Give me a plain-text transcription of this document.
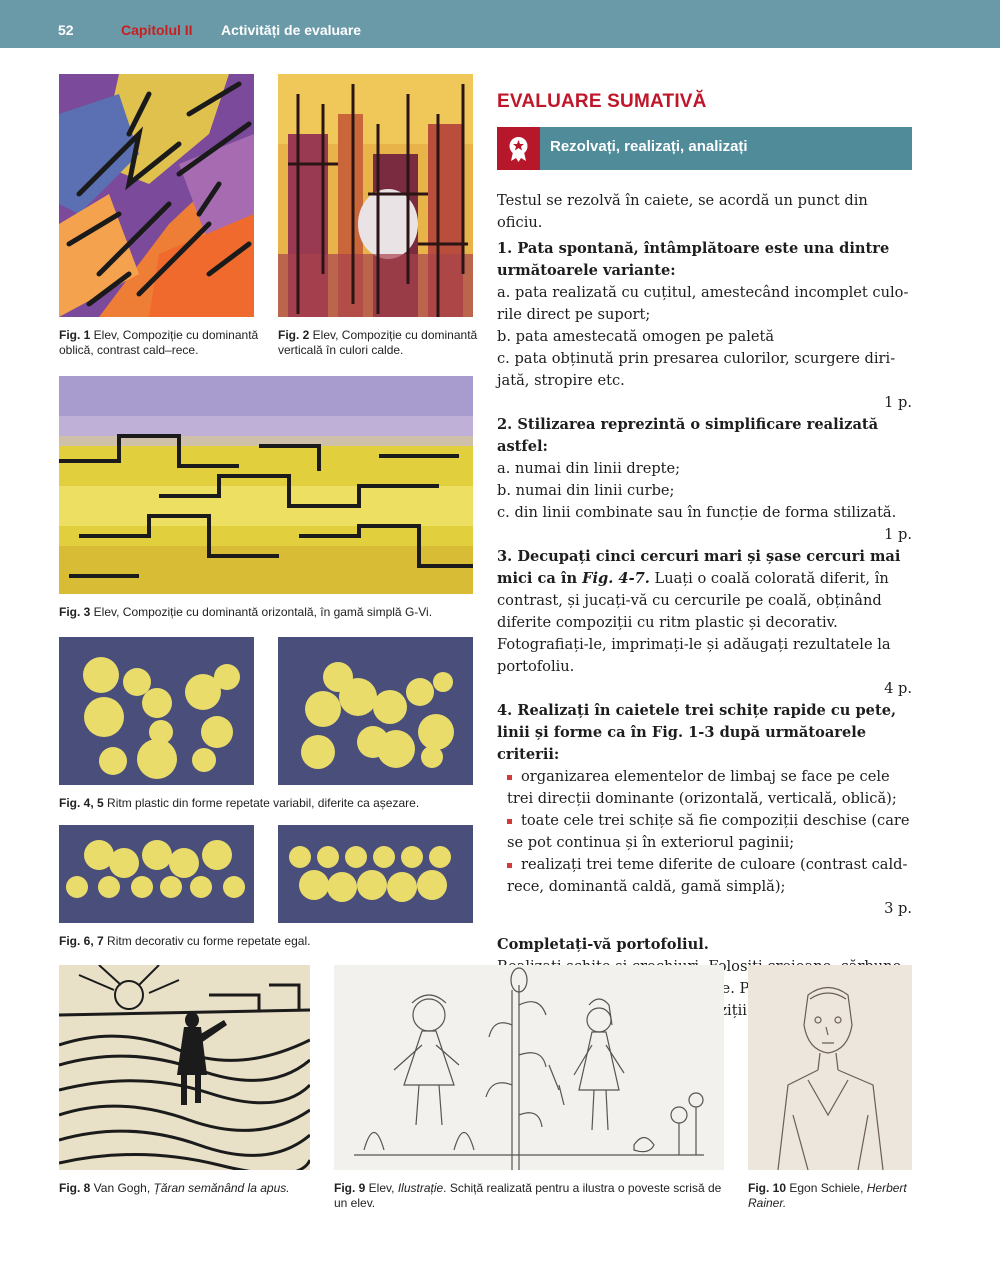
52	Capitolul II Activități de evaluare
Fig. 1 Elev, Compoziție cu dominantă oblică, contrast cald–rece.
Fig. 2 Elev, Compoziție cu dominantă verticală în culori calde.
Fig. 3 Elev, Compoziție cu dominantă orizontală, în gamă simplă G-Vi.
Fig. 4, 5 Ritm plastic din forme repetate variabil, diferite ca așezare.
Fig. 6, 7 Ritm decorativ cu forme repetate egal.
EVALUARE SUMATIVĂ
Rezolvați, realizați, analizați

Testul se rezolvă în caiete, se acordă un punct din oficiu.

1. Pata spontană, întâmplătoare este una dintre următoarele variante:

a. pata realizată cu cuțitul, amestecând incomplet culorile direct pe suport;

b. pata amestecată omogen pe paletă

c. pata obținută prin presarea culorilor, scurgere dirijată, stropire etc.

1 p.

2. Stilizarea reprezintă o simplificare realizată astfel:

a. numai din linii drepte;

b. numai din linii curbe;

c. din linii combinate sau în funcție de forma stilizată.

1 p.

3. Decupați cinci cercuri mari și șase cercuri mai mici ca în Fig. 4-7. Luați o coală colorată diferit, în contrast, și jucați-vă cu cercurile pe coală, obținând diferite compoziții cu ritm plastic și decorativ. Fotografiați-le, imprimați-le și adăugați rezultatele la portofoliu.

4 p.

4. Realizați în caietele trei schițe rapide cu pete, linii și forme ca în Fig. 1-3 după următoarele criterii:

organizarea elementelor de limbaj se face pe cele trei direcții dominante (orizontală, verticală, oblică);

toate cele trei schițe să fie compoziții deschise (care se pot continua și în exteriorul paginii;

realizați trei teme diferite de culoare (contrast cald-rece, dominantă caldă, gamă simplă);

3 p.

Completați-vă portofoliul.

Folosiți

Fig. 8 Van Gogh, Țăran semănând la apus.	Fig. 9 Elev, Ilustrație. Schiță realizată pentru a ilustra o poveste scrisă de un elev.
Fig. 10 Egon Schiele, Herbert Rainer.
